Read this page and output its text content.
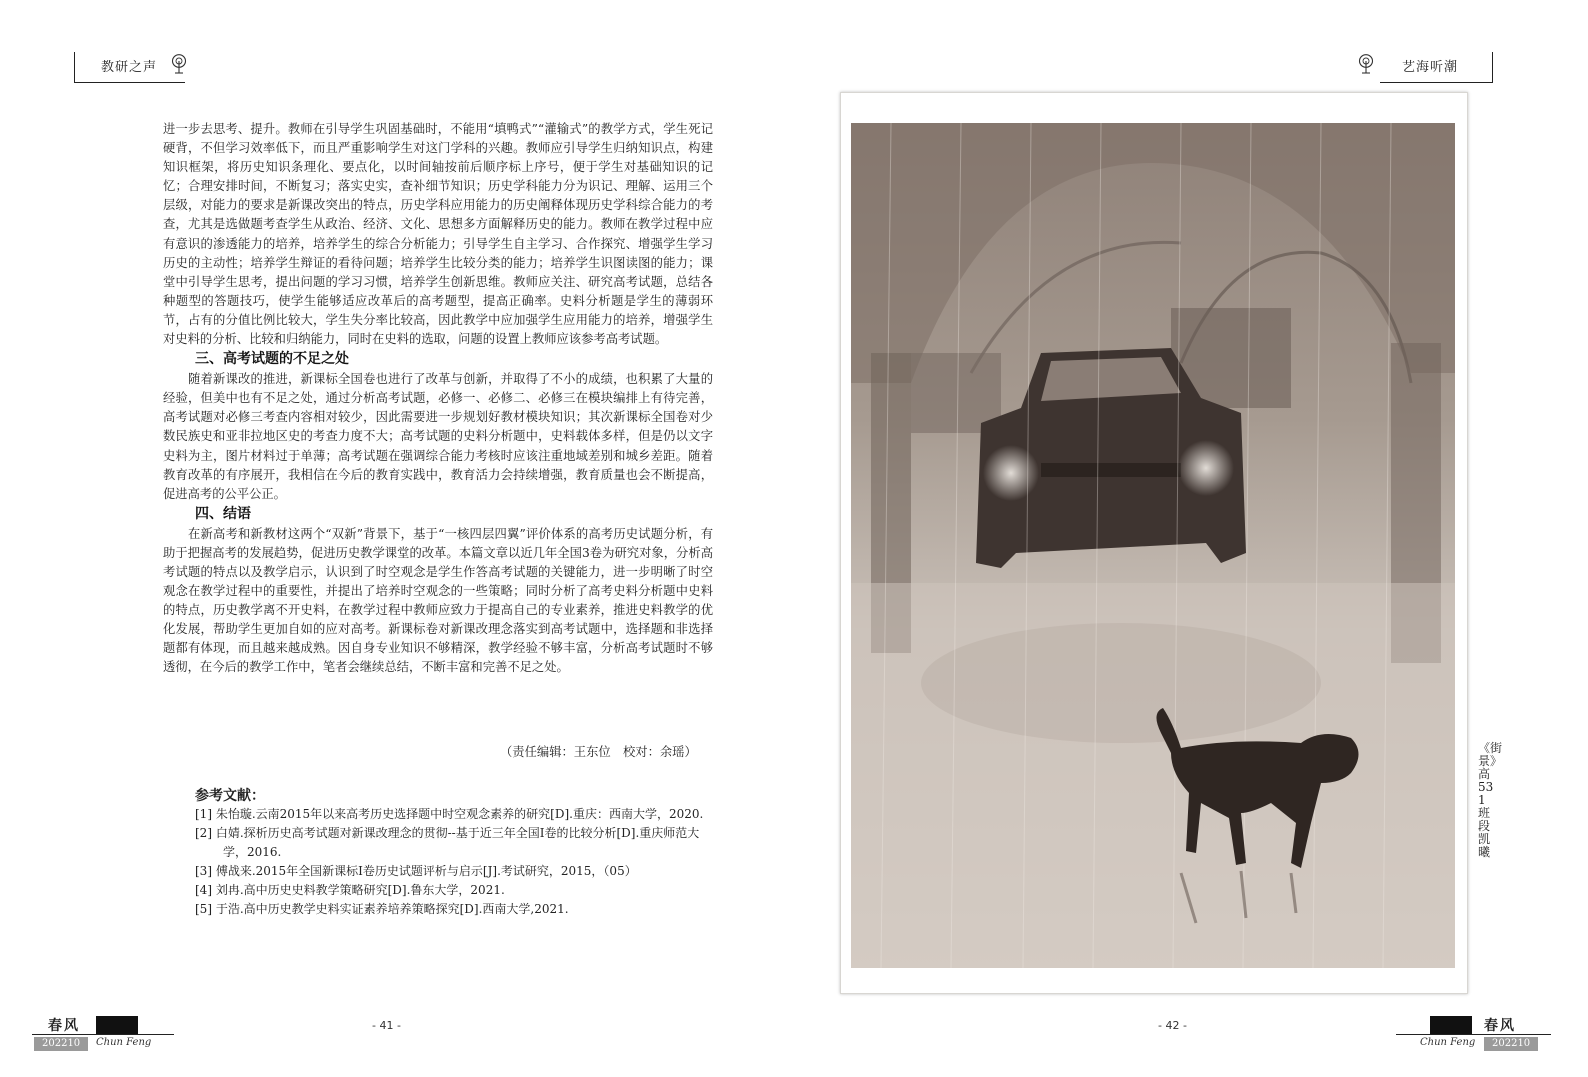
教研之声

进一步去思考、提升。教师在引导学生巩固基础时，不能用“填鸭式”“灌输式”的教学方式，学生死记硬背，不但学习效率低下，而且严重影响学生对这门学科的兴趣。教师应引导学生归纳知识点，构建知识框架，将历史知识条理化、要点化，以时间轴按前后顺序标上序号，便于学生对基础知识的记忆；合理安排时间，不断复习；落实史实，查补细节知识；历史学科能力分为识记、理解、运用三个层级，对能力的要求是新课改突出的特点，历史学科应用能力的历史阐释体现历史学科综合能力的考查，尤其是选做题考查学生从政治、经济、文化、思想多方面解释历史的能力。教师在教学过程中应有意识的渗透能力的培养，培养学生的综合分析能力；引导学生自主学习、合作探究、增强学生学习历史的主动性；培养学生辩证的看待问题；培养学生比较分类的能力；培养学生识图读图的能力；课堂中引导学生思考，提出问题的学习习惯，培养学生创新思维。教师应关注、研究高考试题，总结各种题型的答题技巧，使学生能够适应改革后的高考题型，提高正确率。史料分析题是学生的薄弱环节，占有的分值比例比较大，学生失分率比较高，因此教学中应加强学生应用能力的培养，增强学生对史料的分析、比较和归纳能力，同时在史料的选取，问题的设置上教师应该参考高考试题。

三、高考试题的不足之处

随着新课改的推进，新课标全国卷也进行了改革与创新，并取得了不小的成绩，也积累了大量的经验，但美中也有不足之处，通过分析高考试题，必修一、必修二、必修三在模块编排上有待完善，高考试题对必修三考查内容相对较少，因此需要进一步规划好教材模块知识；其次新课标全国卷对少数民族史和亚非拉地区史的考查力度不大；高考试题的史料分析题中，史料载体多样，但是仍以文字史料为主，图片材料过于单薄；高考试题在强调综合能力考核时应该注重地域差别和城乡差距。随着教育改革的有序展开，我相信在今后的教育实践中，教育活力会持续增强，教育质量也会不断提高，促进高考的公平公正。

四、结语

在新高考和新教材这两个“双新”背景下，基于“一核四层四翼”评价体系的高考历史试题分析，有助于把握高考的发展趋势，促进历史教学课堂的改革。本篇文章以近几年全国3卷为研究对象，分析高考试题的特点以及教学启示，认识到了时空观念是学生作答高考试题的关键能力，进一步明晰了时空观念在教学过程中的重要性，并提出了培养时空观念的一些策略；同时分析了高考史料分析题中史料的特点，历史教学离不开史料，在教学过程中教师应致力于提高自己的专业素养，推进史料教学的优化发展，帮助学生更加自如的应对高考。新课标卷对新课改理念落实到高考试题中，选择题和非选择题都有体现，而且越来越成熟。因自身专业知识不够精深，教学经验不够丰富，分析高考试题时不够透彻，在今后的教学工作中，笔者会继续总结，不断丰富和完善不足之处。

（责任编辑：王东位　校对：余瑶）
参考文献：
[1] 朱怡璇.云南2015年以来高考历史选择题中时空观念素养的研究[D].重庆：西南大学，2020.
[2] 白婧.探析历史高考试题对新课改理念的贯彻--基于近三年全国Ⅰ卷的比较分析[D].重庆师范大学，2016.
[3] 傅战来.2015年全国新课标Ⅰ卷历史试题评析与启示[J].考试研究，2015，（05）
[4] 刘冉.高中历史史料教学策略研究[D].鲁东大学，2021.
[5] 于浩.高中历史教学史料实证素养培养策略探究[D].西南大学,2021.
春风
202210	Chun Feng
- 41 -
艺海听潮
《街景》 高531班 段凯曦
- 42 -	春风
Chun Feng	202210
